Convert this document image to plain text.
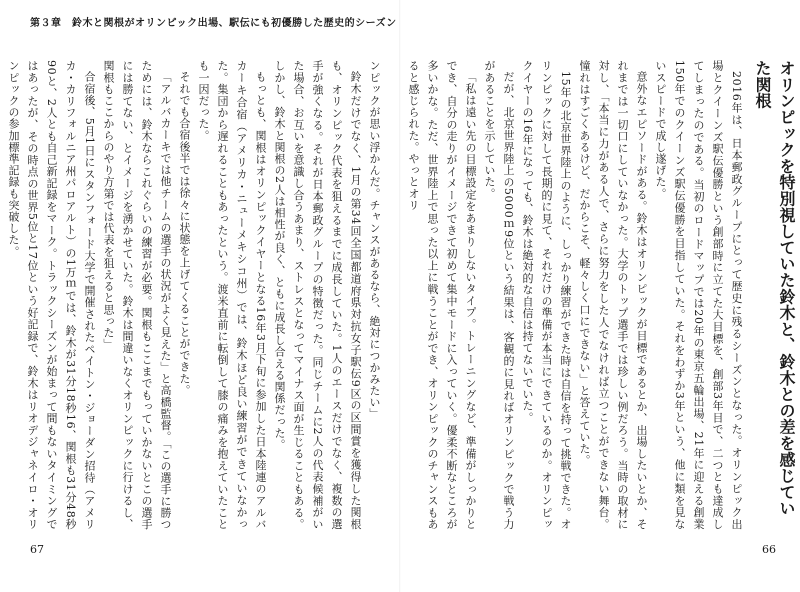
第３章　鈴木と関根がオリンピック出場、駅伝にも初優勝した歴史的シーズン

ンピックが思い浮かんだ。チャンスがあるなら、絶対につかみたい」

鈴木だけでなく、1月の第34回全国都道府県対抗女子駅伝9区の区間賞を獲得した関根も、オリンピック代表を狙えるまでに成長していた。1人のエースだけでなく、複数の選手が強くなる。それが日本郵政グループの特徴だった。同じチームに2人の代表候補がいた場合、お互いを意識し合うあまり、ストレスとなってマイナス面が生じることもある。しかし、鈴木と関根の2人は相性が良く、ともに成長し合える関係だった。

もっとも、関根はオリンピックイヤーとなる16年3月下旬に参加した日本陸連のアルバカーキ合宿（アメリカ・ニューメキシコ州）では、鈴木ほど良い練習ができていなかった。集団から遅れることもあったという。渡米直前に転倒して膝の痛みを抱えていたことも一因だった。

それでも合宿後半では徐々に状態を上げてくることができた。

「アルバカーキでは他チームの選手の状況がよく見えた」と高橋監督。「この選手に勝つためには、鈴木ならこれぐらいの練習が必要。関根もここまでもっていかないとこの選手には勝てない、とイメージを湧かせていた。鈴木は間違いなくオリンピックに行けるし、関根もここからのやり方第では代表を狙えると思った」

合宿後、5月1日にスタンフォード大学で開催されたペイトン・ジョーダン招待（アメリカ・カリフォルニア州パロアルト）の1万ｍでは、鈴木が31分18秒16、関根も31分48秒90と、2人とも自己新記録をマーク。トラックシーズンが始まって間もないタイミングではあったが、その時点の世界5位と17位という好記録で、鈴木はリオデジャネイロ・オリンピックの参加標準記録も突破した。

67
オリンピックを特別視していた鈴木と、鈴木との差を感じていた関根

2016年は、日本郵政グループにとって歴史に残るシーズンとなった。オリンピック出場とクイーンズ駅伝優勝という創部時に立てた大目標を、創部3年目で、二つとも達成してしまったのである。当初のロードマップでは20年の東京五輪出場、21年に迎える創業150年でのクイーンズ駅伝優勝を目指していた。それをわずか3年という、他に類を見ないスピードで成し遂げた。

意外なエピソードがある。鈴木はオリンピックが目標であるとか、出場したいとか、それまでは一切口にしていなかった。大学のトップ選手では珍しい例だろう。当時の取材に対し、「本当に力がある人で、さらに努力をした人でなければ立つことができない舞台。憧れはすごくあるけど、だからこそ、軽々しく口にできない」と答えていた。

15年の北京世界陸上のように、しっかり練習ができた時は自信を持って挑戦できた。オリンピックに対して長期的に見て、それだけの準備が本当にできているのか。オリンピックイヤーの16年になっても、鈴木は絶対的な自信は持てないでいた。

だが、北京世界陸上の5000ｍ9位という結果は、客観的に見ればオリンピックで戦う力があることを示していた。

「私は遠い先の目標設定をあまりしないタイプ。トレーニングなど、準備がしっかりとでき、自分の走りがイメージできて初めて集中モードに入っていく。優柔不断なところが多いかな。ただ、世界陸上で思った以上に戦うことができ、オリンピックのチャンスもあると感じられた。やっとオリ

66
